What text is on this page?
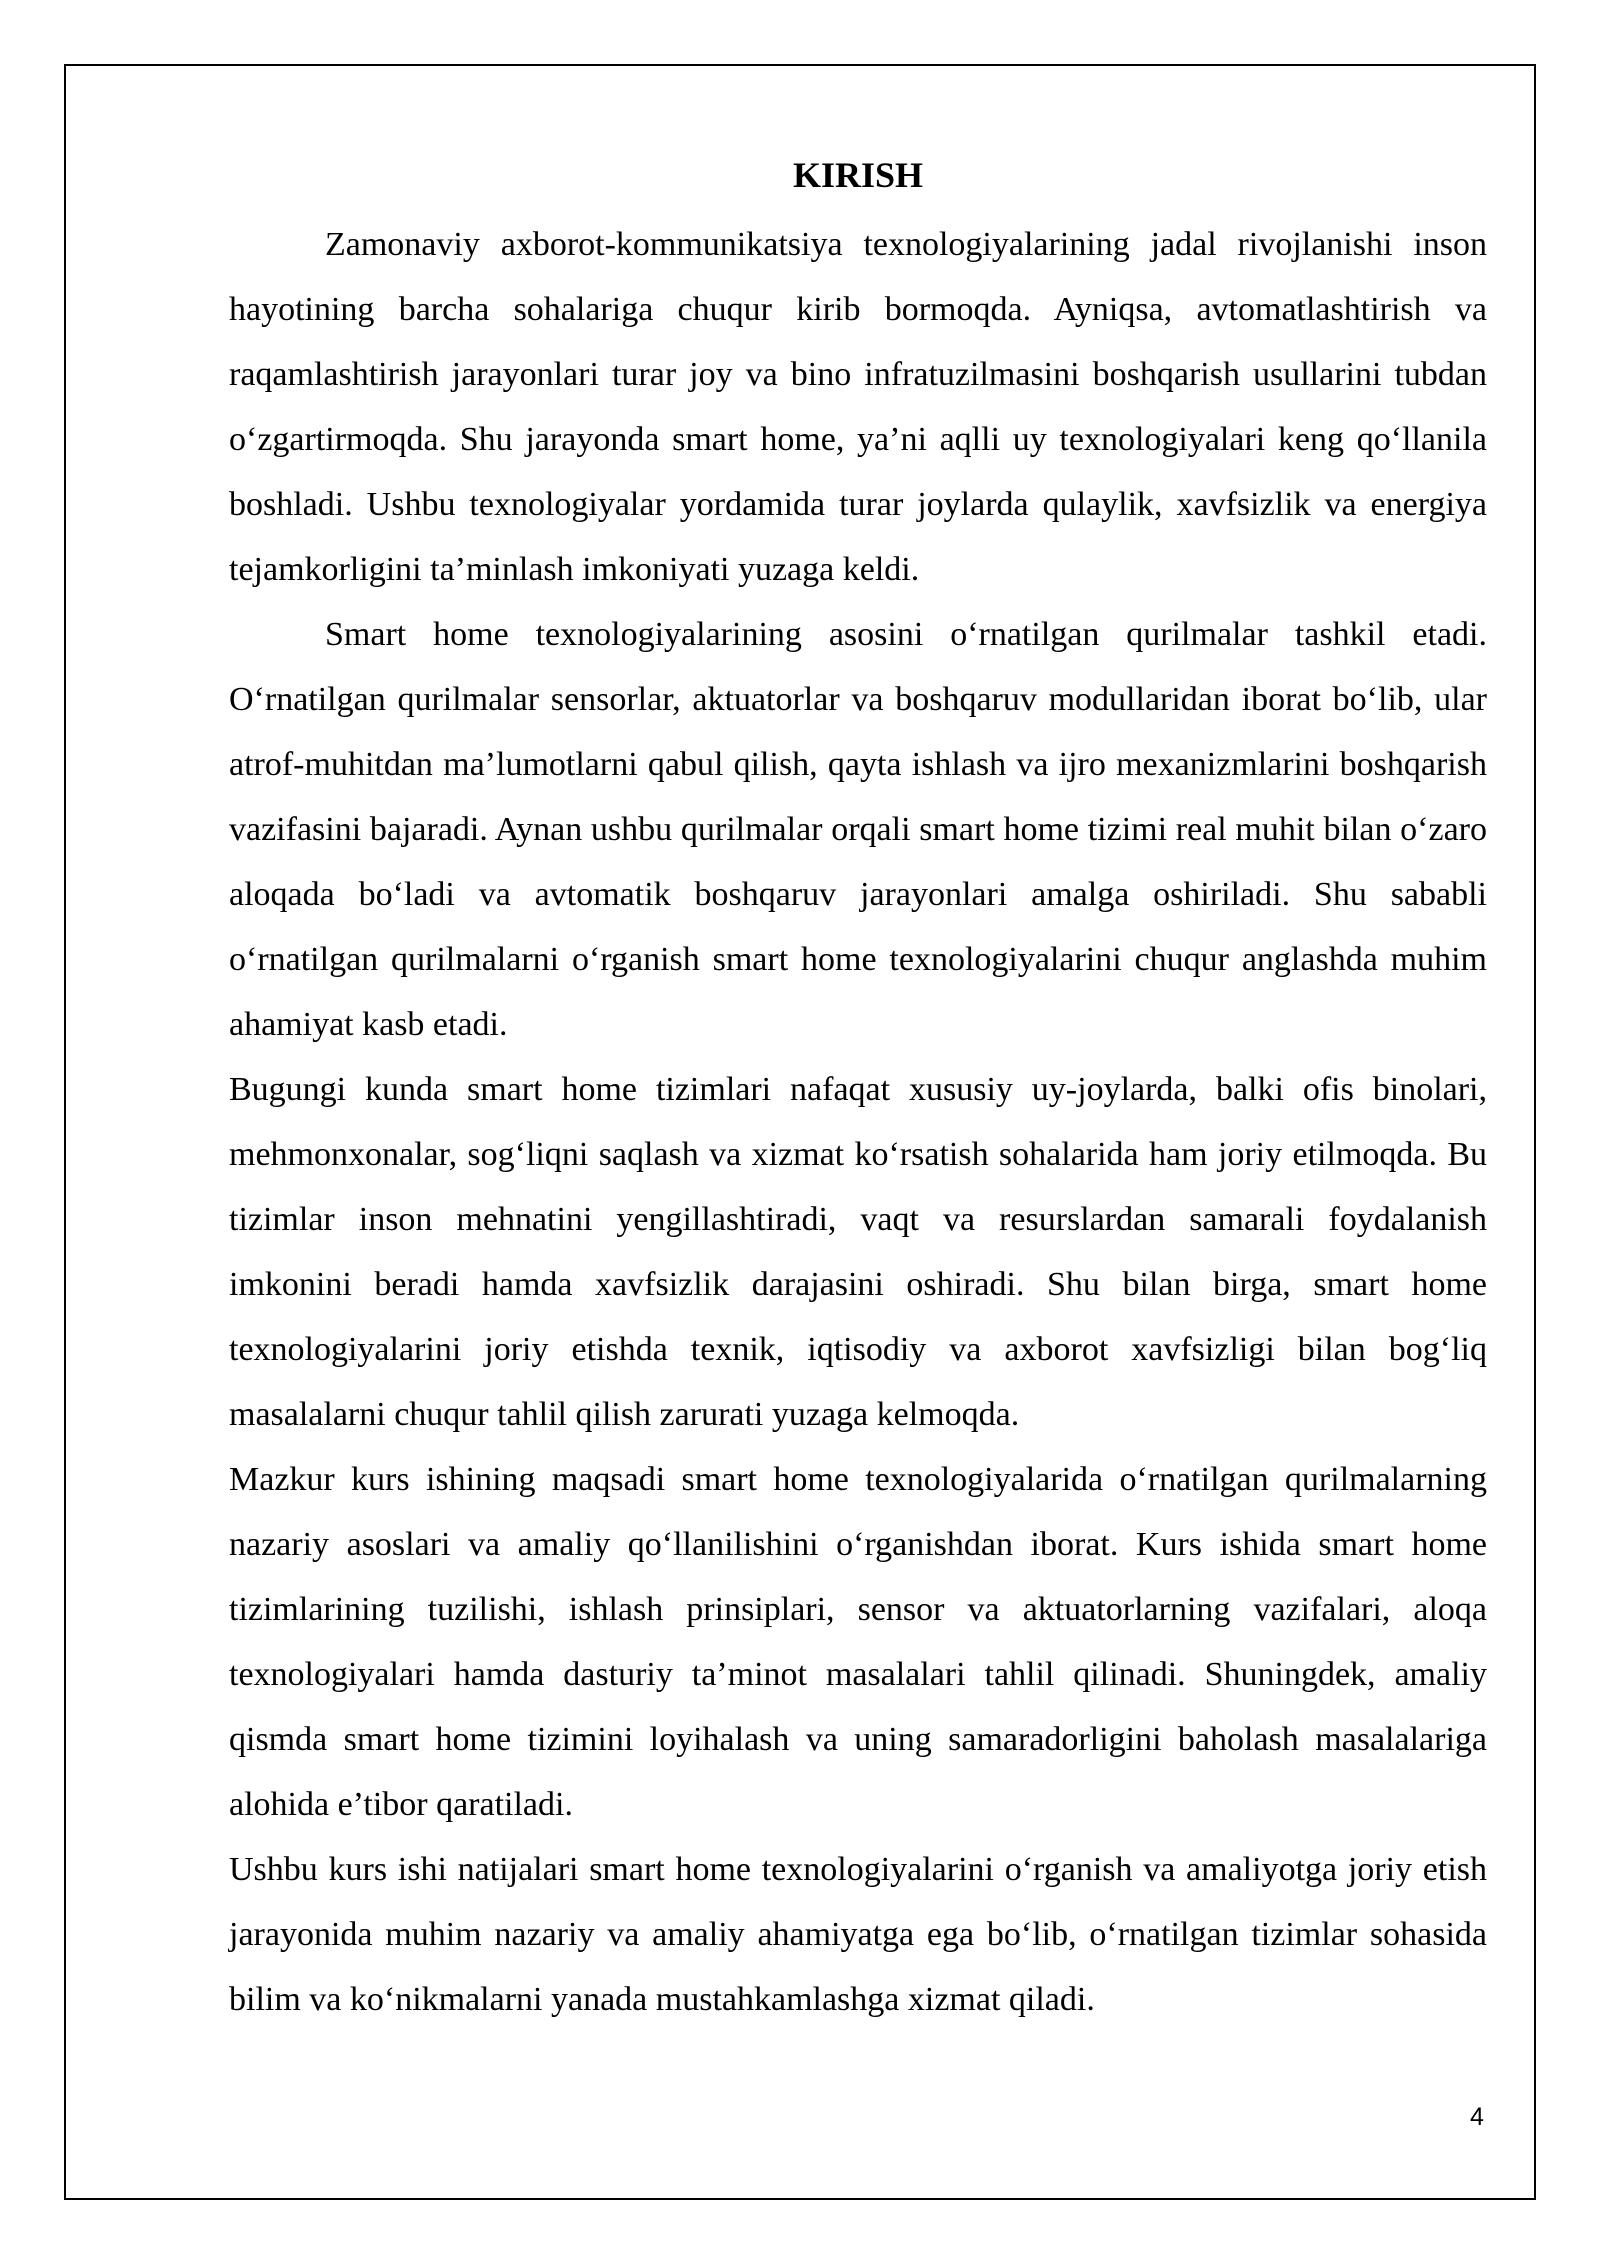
KIRISH

Zamonaviy axborot-kommunikatsiya texnologiyalarining jadal rivojlanishi inson hayotining barcha sohalariga chuqur kirib bormoqda. Ayniqsa, avtomatlashtirish va raqamlashtirish jarayonlari turar joy va bino infratuzilmasini boshqarish usullarini tubdan o‘zgartirmoqda. Shu jarayonda smart home, ya’ni aqlli uy texnologiyalari keng qo‘llanila boshladi. Ushbu texnologiyalar yordamida turar joylarda qulaylik, xavfsizlik va energiya tejamkorligini ta’minlash imkoniyati yuzaga keldi.

Smart home texnologiyalarining asosini o‘rnatilgan qurilmalar tashkil etadi. O‘rnatilgan qurilmalar sensorlar, aktuatorlar va boshqaruv modullaridan iborat bo‘lib, ular atrof-muhitdan ma’lumotlarni qabul qilish, qayta ishlash va ijro mexanizmlarini boshqarish vazifasini bajaradi. Aynan ushbu qurilmalar orqali smart home tizimi real muhit bilan o‘zaro aloqada bo‘ladi va avtomatik boshqaruv jarayonlari amalga oshiriladi. Shu sababli o‘rnatilgan qurilmalarni o‘rganish smart home texnologiyalarini chuqur anglashda muhim ahamiyat kasb etadi.

Bugungi kunda smart home tizimlari nafaqat xususiy uy-joylarda, balki ofis binolari, mehmonxonalar, sog‘liqni saqlash va xizmat ko‘rsatish sohalarida ham joriy etilmoqda. Bu tizimlar inson mehnatini yengillashtiradi, vaqt va resurslardan samarali foydalanish imkonini beradi hamda xavfsizlik darajasini oshiradi. Shu bilan birga, smart home texnologiyalarini joriy etishda texnik, iqtisodiy va axborot xavfsizligi bilan bog‘liq masalalarni chuqur tahlil qilish zarurati yuzaga kelmoqda.

Mazkur kurs ishining maqsadi smart home texnologiyalarida o‘rnatilgan qurilmalarning nazariy asoslari va amaliy qo‘llanilishini o‘rganishdan iborat. Kurs ishida smart home tizimlarining tuzilishi, ishlash prinsiplari, sensor va aktuatorlarning vazifalari, aloqa texnologiyalari hamda dasturiy ta’minot masalalari tahlil qilinadi. Shuningdek, amaliy qismda smart home tizimini loyihalash va uning samaradorligini baholash masalalariga alohida e’tibor qaratiladi.

Ushbu kurs ishi natijalari smart home texnologiyalarini o‘rganish va amaliyotga joriy etish jarayonida muhim nazariy va amaliy ahamiyatga ega bo‘lib, o‘rnatilgan tizimlar sohasida bilim va ko‘nikmalarni yanada mustahkamlashga xizmat qiladi.

4
